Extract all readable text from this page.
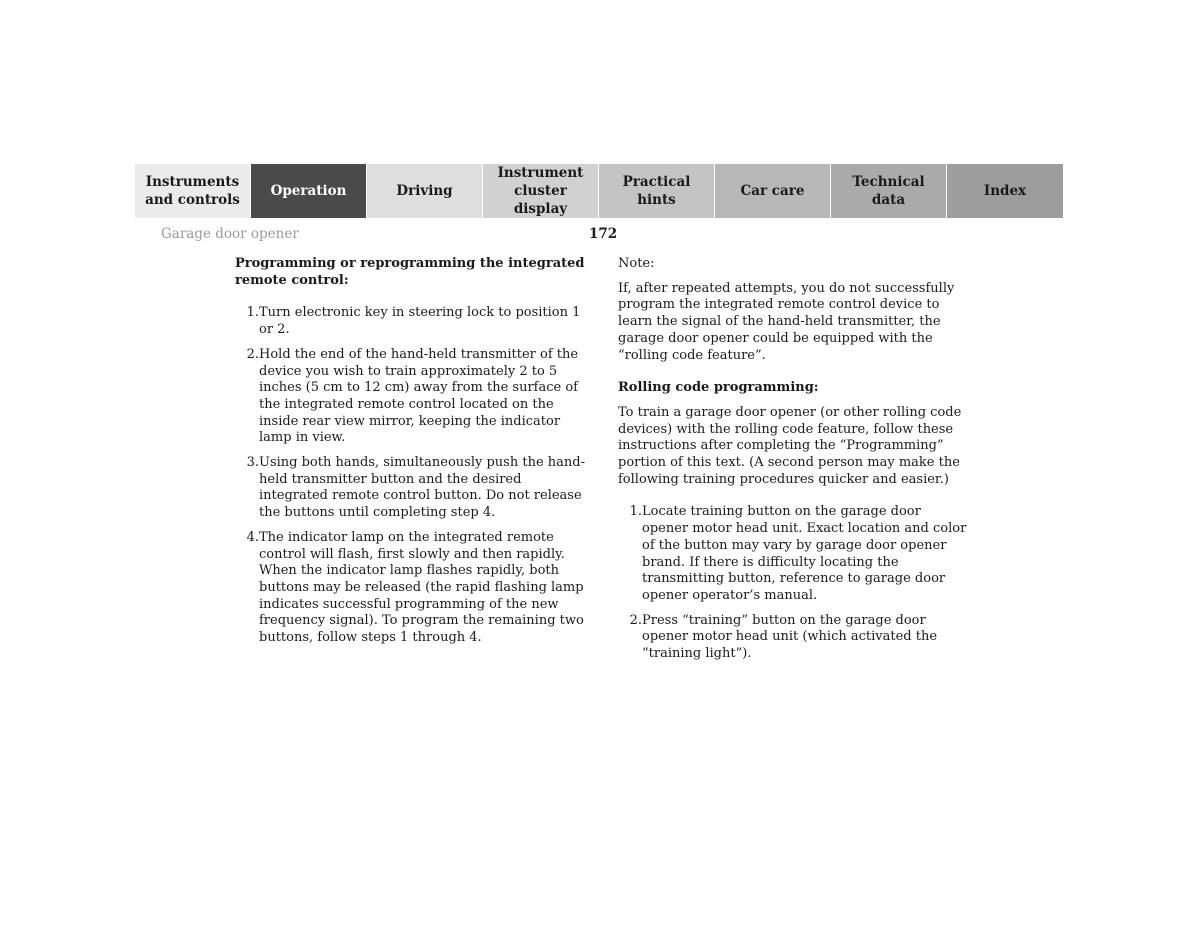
Instruments
and controls
Operation	Driving
Instrument
cluster display
Practical hints
Car care
Technical
data
Index
Garage door opener	172

Programming or reprogramming the integrated remote control:

1. Turn electronic key in steering lock to position 1 or 2.
2. Hold the end of the hand-held transmitter of the device you wish to train approximately 2 to 5 inches (5 cm to 12 cm) away from the surface of the integrated remote control located on the inside rear view mirror, keeping the indicator lamp in view.
3. Using both hands, simultaneously push the hand-held transmitter button and the desired integrated remote control button. Do not release the buttons until completing step 4.
4. The indicator lamp on the integrated remote control will flash, first slowly and then rapidly. When the indicator lamp flashes rapidly, both buttons may be released (the rapid flashing lamp indicates successful programming of the new frequency signal). To program the remaining two buttons, follow steps 1 through 4.

Note:

If, after repeated attempts, you do not successfully program the integrated remote control device to learn the signal of the hand-held transmitter, the garage door opener could be equipped with the “rolling code feature”.

Rolling code programming:

To train a garage door opener (or other rolling code devices) with the rolling code feature, follow these instructions after completing the “Programming” portion of this text. (A second person may make the following training procedures quicker and easier.)

1. Locate training button on the garage door opener motor head unit. Exact location and color of the button may vary by garage door opener brand. If there is difficulty locating the transmitting button, reference to garage door opener operator’s manual.
2. Press “training” button on the garage door opener motor head unit (which activated the “training light”).
